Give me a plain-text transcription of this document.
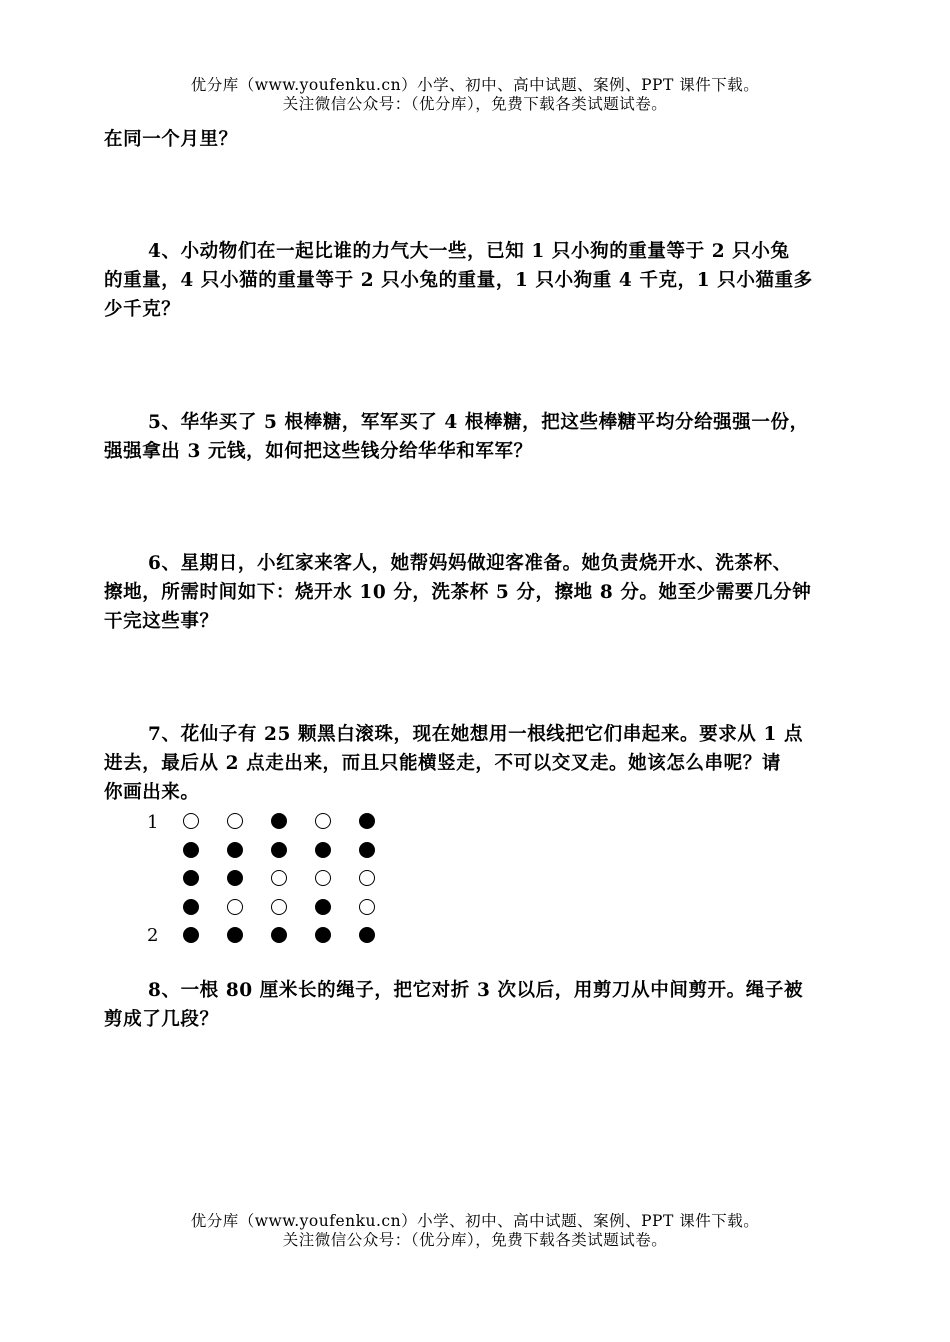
优分库（www.youfenku.cn）小学、初中、高中试题、案例、PPT 课件下载。
关注微信公众号：（优分库），免费下载各类试题试卷。
在同一个月里？
4、小动物们在一起比谁的力气大一些，已知 1 只小狗的重量等于 2 只小兔
的重量，4 只小猫的重量等于 2 只小兔的重量，1 只小狗重 4 千克，1 只小猫重多
少千克？
5、华华买了 5 根棒糖，军军买了 4 根棒糖，把这些棒糖平均分给强强一份，
强强拿出 3 元钱，如何把这些钱分给华华和军军？
6、星期日，小红家来客人，她帮妈妈做迎客准备。她负责烧开水、洗茶杯、
擦地，所需时间如下：烧开水 10 分，洗茶杯 5 分，擦地 8 分。她至少需要几分钟
干完这些事？
7、花仙子有 25 颗黑白滚珠，现在她想用一根线把它们串起来。要求从 1 点
进去，最后从 2 点走出来，而且只能横竖走，不可以交叉走。她该怎么串呢？请
你画出来。
1
2
8、一根 80 厘米长的绳子，把它对折 3 次以后，用剪刀从中间剪开。绳子被
剪成了几段？
优分库（www.youfenku.cn）小学、初中、高中试题、案例、PPT 课件下载。
关注微信公众号：（优分库），免费下载各类试题试卷。
